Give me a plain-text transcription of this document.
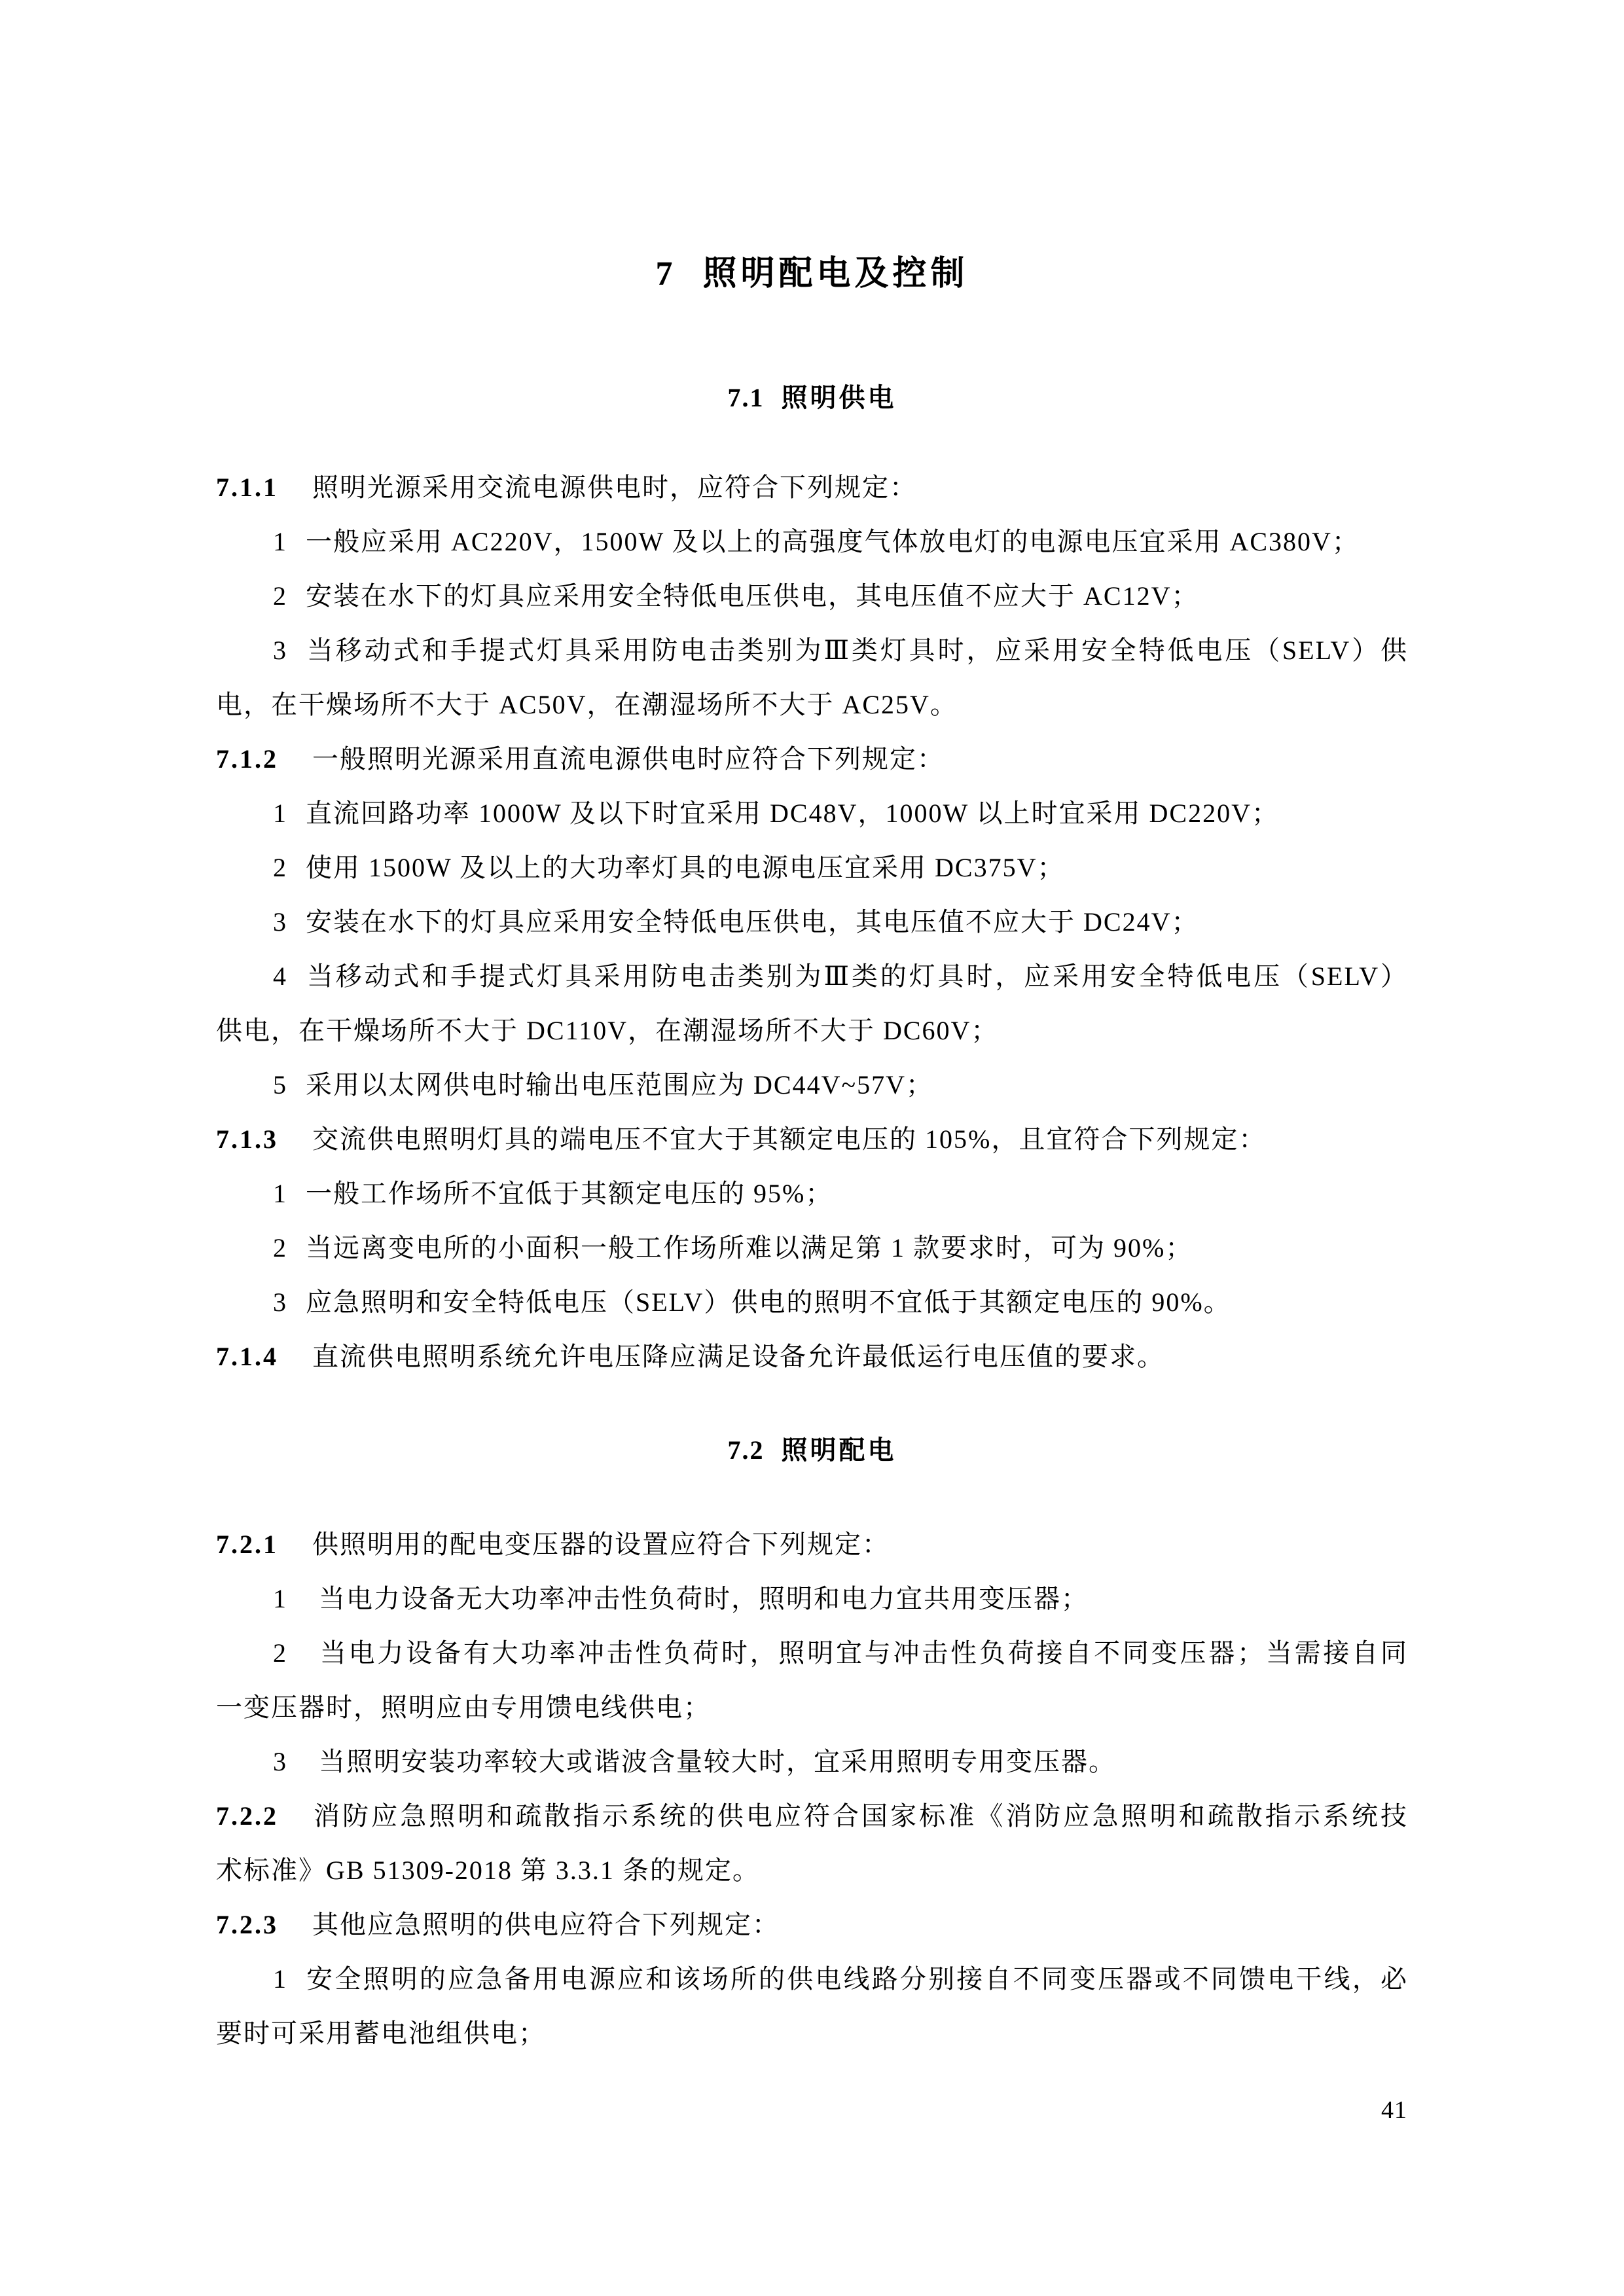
7 照明配电及控制
7.1 照明供电
7.1.1 照明光源采用交流电源供电时，应符合下列规定：
1 一般应采用 AC220V，1500W 及以上的高强度气体放电灯的电源电压宜采用 AC380V；
2 安装在水下的灯具应采用安全特低电压供电，其电压值不应大于 AC12V；
3 当移动式和手提式灯具采用防电击类别为Ⅲ类灯具时，应采用安全特低电压（SELV）供
电，在干燥场所不大于 AC50V，在潮湿场所不大于 AC25V。
7.1.2 一般照明光源采用直流电源供电时应符合下列规定：
1 直流回路功率 1000W 及以下时宜采用 DC48V，1000W 以上时宜采用 DC220V；
2 使用 1500W 及以上的大功率灯具的电源电压宜采用 DC375V；
3 安装在水下的灯具应采用安全特低电压供电，其电压值不应大于 DC24V；
4 当移动式和手提式灯具采用防电击类别为Ⅲ类的灯具时，应采用安全特低电压（SELV）
供电，在干燥场所不大于 DC110V，在潮湿场所不大于 DC60V；
5 采用以太网供电时输出电压范围应为 DC44V~57V；
7.1.3 交流供电照明灯具的端电压不宜大于其额定电压的 105%，且宜符合下列规定：
1 一般工作场所不宜低于其额定电压的 95%；
2 当远离变电所的小面积一般工作场所难以满足第 1 款要求时，可为 90%；
3 应急照明和安全特低电压（SELV）供电的照明不宜低于其额定电压的 90%。
7.1.4 直流供电照明系统允许电压降应满足设备允许最低运行电压值的要求。
7.2 照明配电
7.2.1 供照明用的配电变压器的设置应符合下列规定：
1 当电力设备无大功率冲击性负荷时，照明和电力宜共用变压器；
2 当电力设备有大功率冲击性负荷时，照明宜与冲击性负荷接自不同变压器；当需接自同
一变压器时，照明应由专用馈电线供电；
3 当照明安装功率较大或谐波含量较大时，宜采用照明专用变压器。
7.2.2 消防应急照明和疏散指示系统的供电应符合国家标准《消防应急照明和疏散指示系统技
术标准》GB 51309-2018 第 3.3.1 条的规定。
7.2.3 其他应急照明的供电应符合下列规定：
1 安全照明的应急备用电源应和该场所的供电线路分别接自不同变压器或不同馈电干线，必
要时可采用蓄电池组供电；
41
